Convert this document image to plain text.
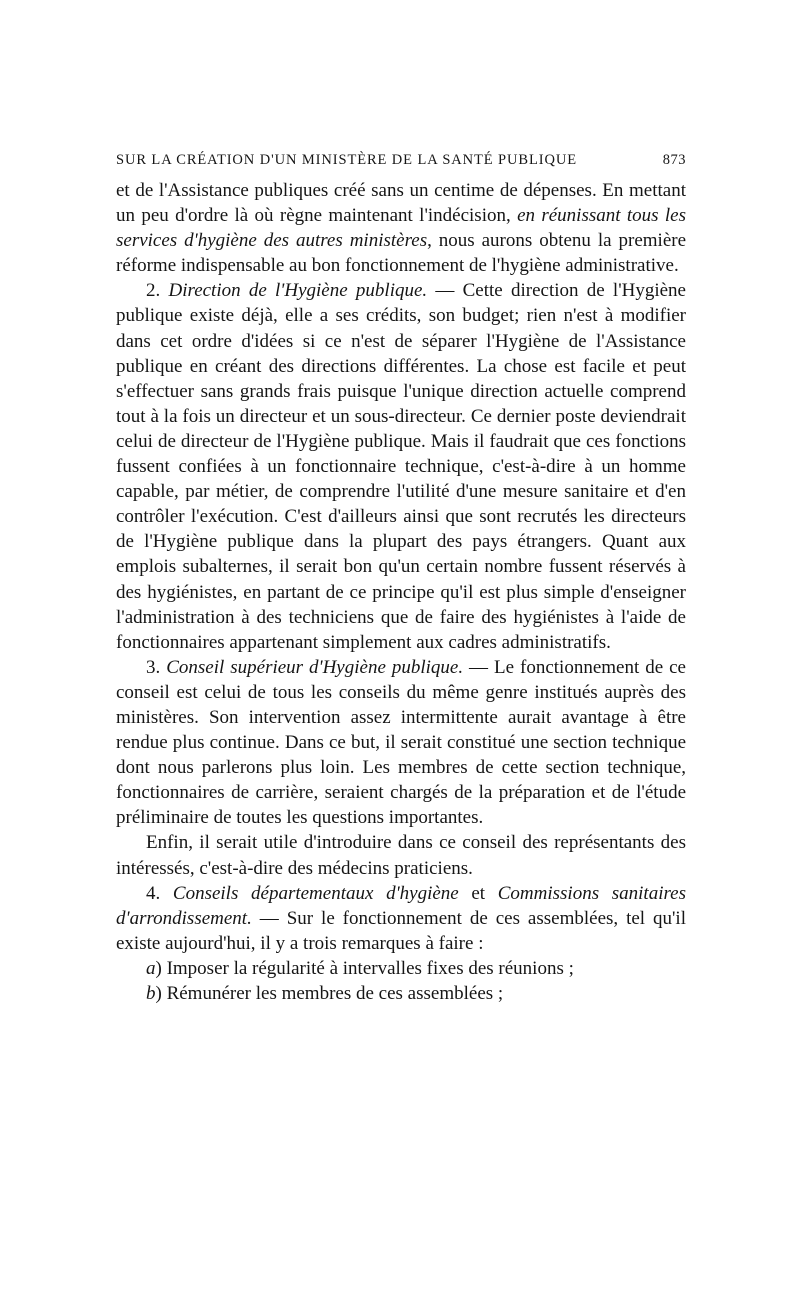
SUR LA CRÉATION D'UN MINISTÈRE DE LA SANTÉ PUBLIQUE	873

et de l'Assistance publiques créé sans un centime de dépenses. En mettant un peu d'ordre là où règne maintenant l'indécision, en réunissant tous les services d'hygiène des autres ministères, nous aurons obtenu la première réforme indispensable au bon fonctionnement de l'hygiène administrative.

2. Direction de l'Hygiène publique. — Cette direction de l'Hygiène publique existe déjà, elle a ses crédits, son budget; rien n'est à modifier dans cet ordre d'idées si ce n'est de séparer l'Hygiène de l'Assistance publique en créant des directions différentes. La chose est facile et peut s'effectuer sans grands frais puisque l'unique direction actuelle comprend tout à la fois un directeur et un sous-directeur. Ce dernier poste deviendrait celui de directeur de l'Hygiène publique. Mais il faudrait que ces fonctions fussent confiées à un fonctionnaire technique, c'est-à-dire à un homme capable, par métier, de comprendre l'utilité d'une mesure sanitaire et d'en contrôler l'exécution. C'est d'ailleurs ainsi que sont recrutés les directeurs de l'Hygiène publique dans la plupart des pays étrangers. Quant aux emplois subalternes, il serait bon qu'un certain nombre fussent réservés à des hygiénistes, en partant de ce principe qu'il est plus simple d'enseigner l'administration à des techniciens que de faire des hygiénistes à l'aide de fonctionnaires appartenant simplement aux cadres administratifs.

3. Conseil supérieur d'Hygiène publique. — Le fonctionnement de ce conseil est celui de tous les conseils du même genre institués auprès des ministères. Son intervention assez intermittente aurait avantage à être rendue plus continue. Dans ce but, il serait constitué une section technique dont nous parlerons plus loin. Les membres de cette section technique, fonctionnaires de carrière, seraient chargés de la préparation et de l'étude préliminaire de toutes les questions importantes.

Enfin, il serait utile d'introduire dans ce conseil des représentants des intéressés, c'est-à-dire des médecins praticiens.

4. Conseils départementaux d'hygiène et Commissions sanitaires d'arrondissement. — Sur le fonctionnement de ces assemblées, tel qu'il existe aujourd'hui, il y a trois remarques à faire :

a) Imposer la régularité à intervalles fixes des réunions ;

b) Rémunérer les membres de ces assemblées ;
